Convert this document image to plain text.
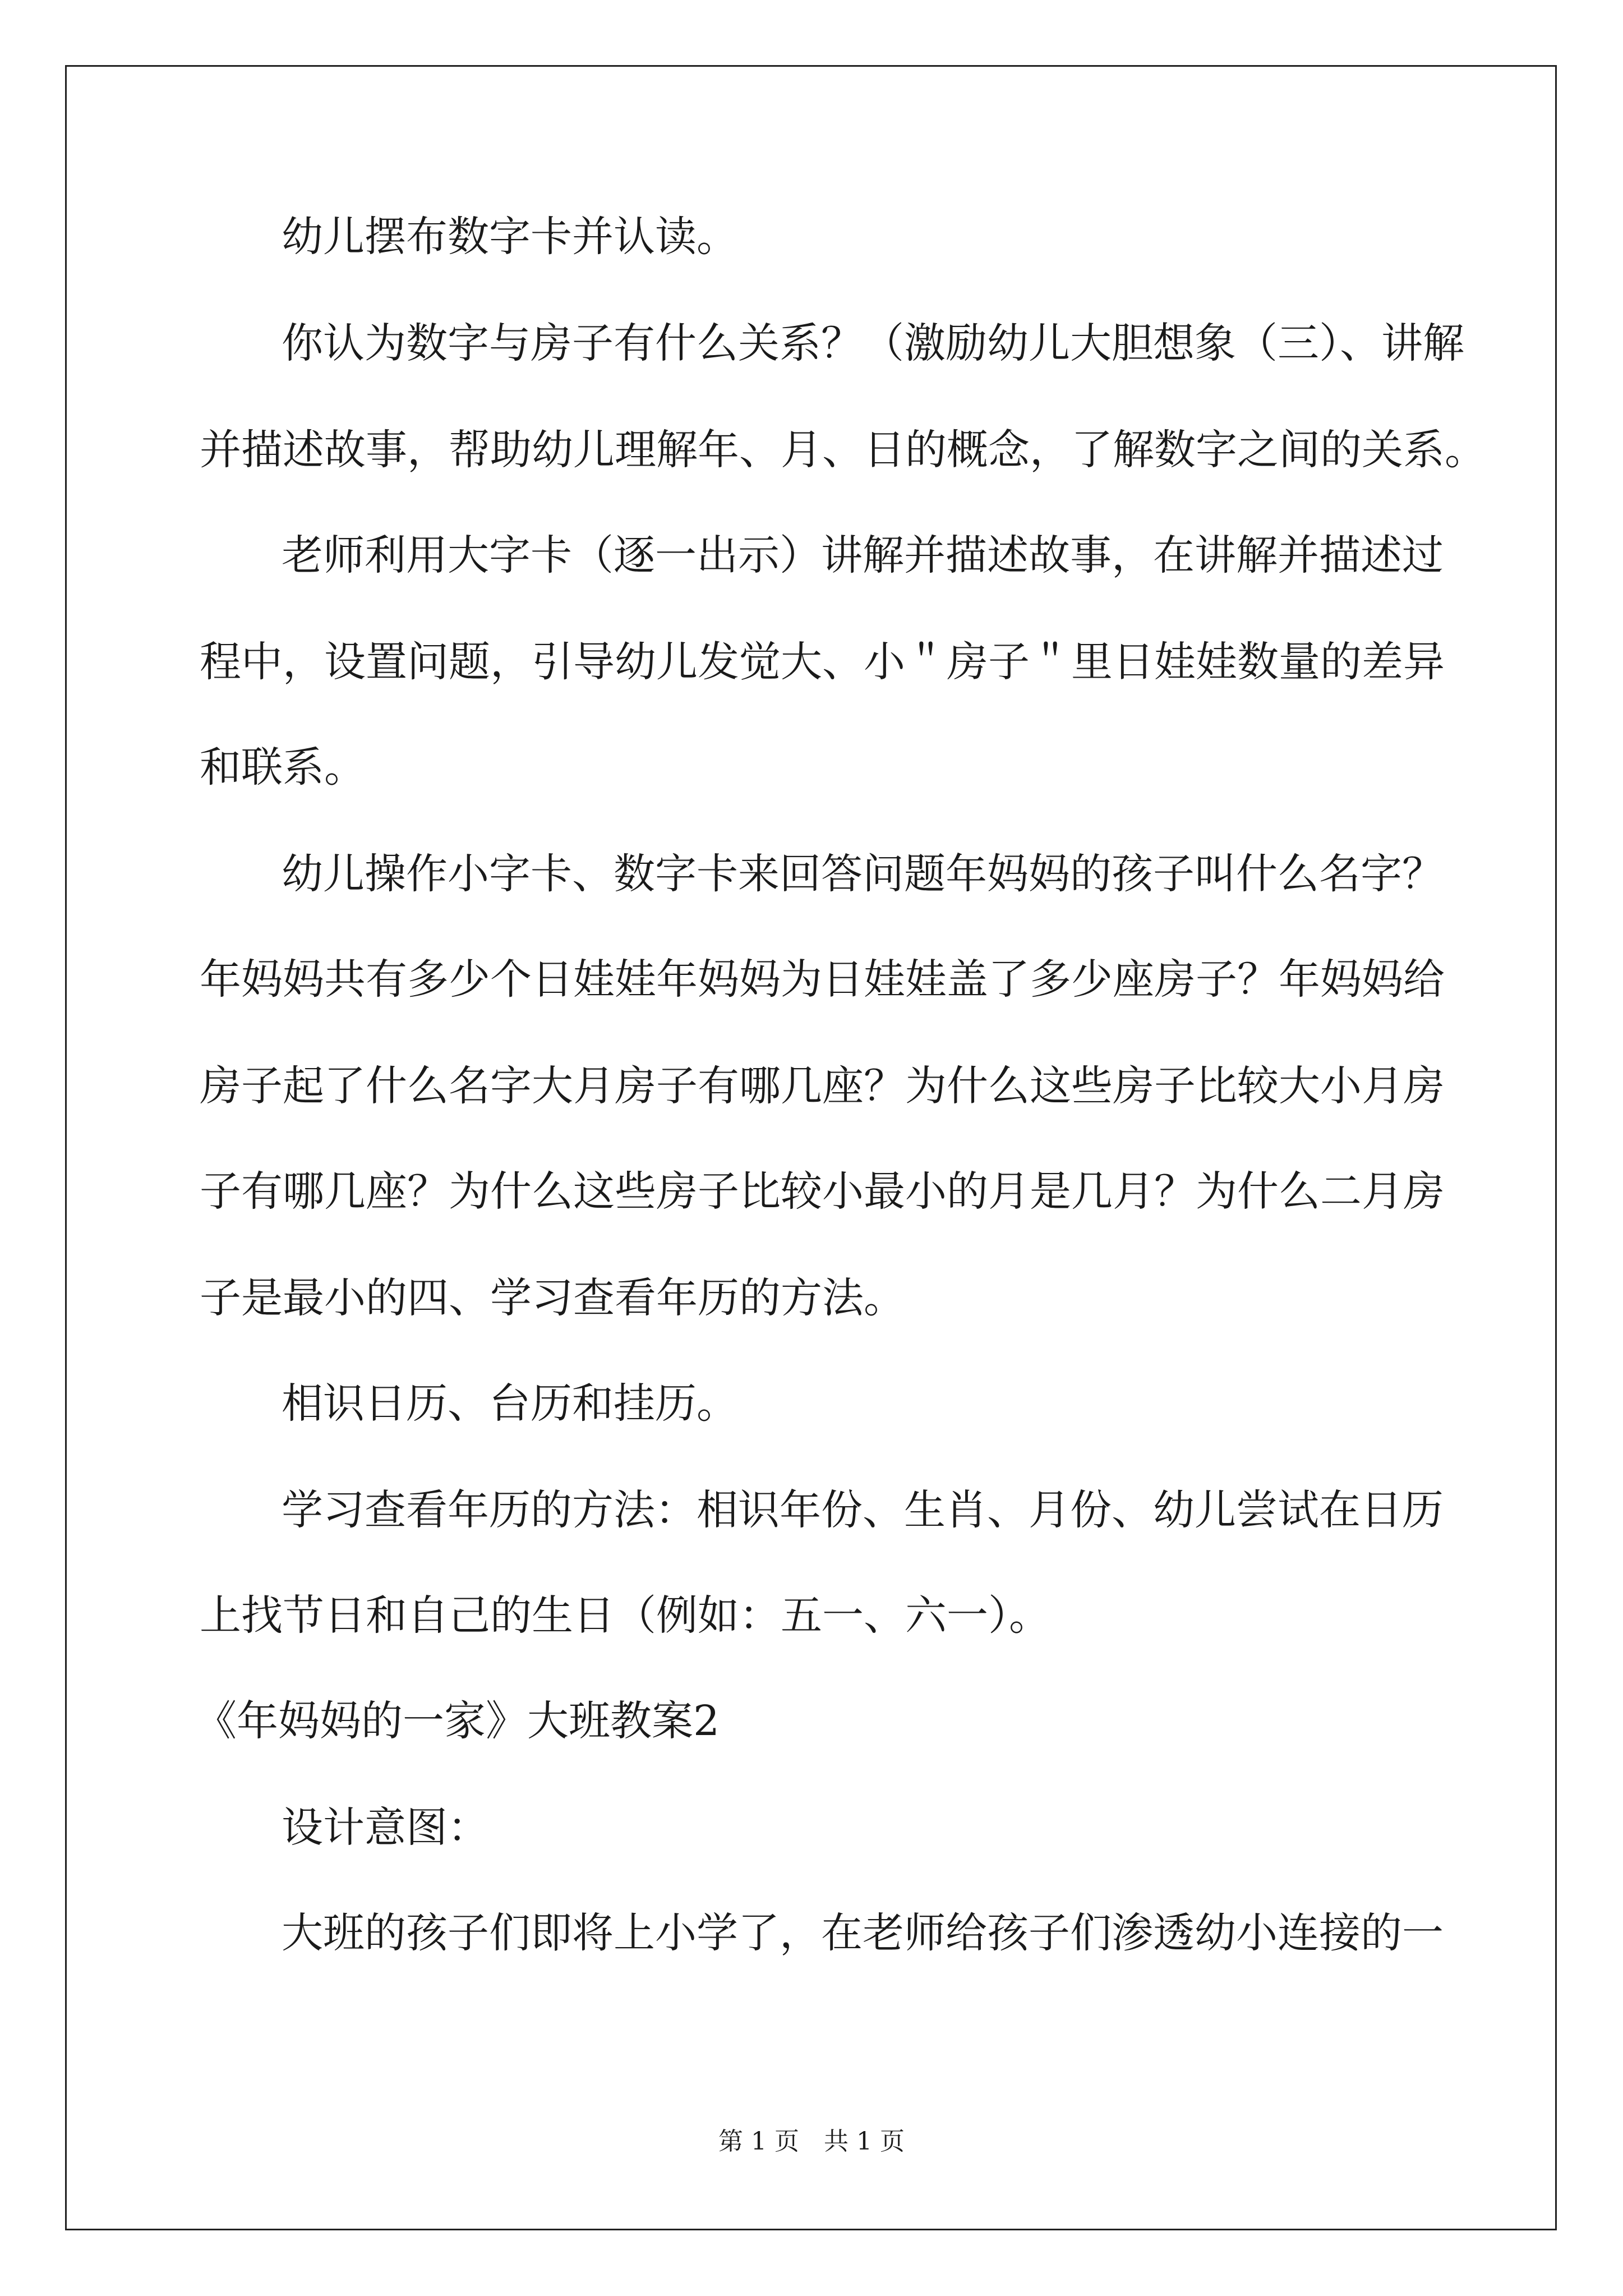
幼儿摆布数字卡并认读。
你认为数字与房子有什么关系？（激励幼儿大胆想象（三）、讲解
并描述故事，帮助幼儿理解年、月、日的概念，了解数字之间的关系。
老师利用大字卡（逐一出示）讲解并描述故事，在讲解并描述过
程中，设置问题，引导幼儿发觉大、小＂房子＂里日娃娃数量的差异
和联系。
幼儿操作小字卡、数字卡来回答问题年妈妈的孩子叫什么名字？
年妈妈共有多少个日娃娃年妈妈为日娃娃盖了多少座房子？年妈妈给
房子起了什么名字大月房子有哪几座？为什么这些房子比较大小月房
子有哪几座？为什么这些房子比较小最小的月是几月？为什么二月房
子是最小的四、学习查看年历的方法。
相识日历、台历和挂历。
学习查看年历的方法：相识年份、生肖、月份、幼儿尝试在日历
上找节日和自己的生日（例如：五一、六一）。
《年妈妈的一家》大班教案2
设计意图：
大班的孩子们即将上小学了，在老师给孩子们渗透幼小连接的一
第 1 页　共 1 页
